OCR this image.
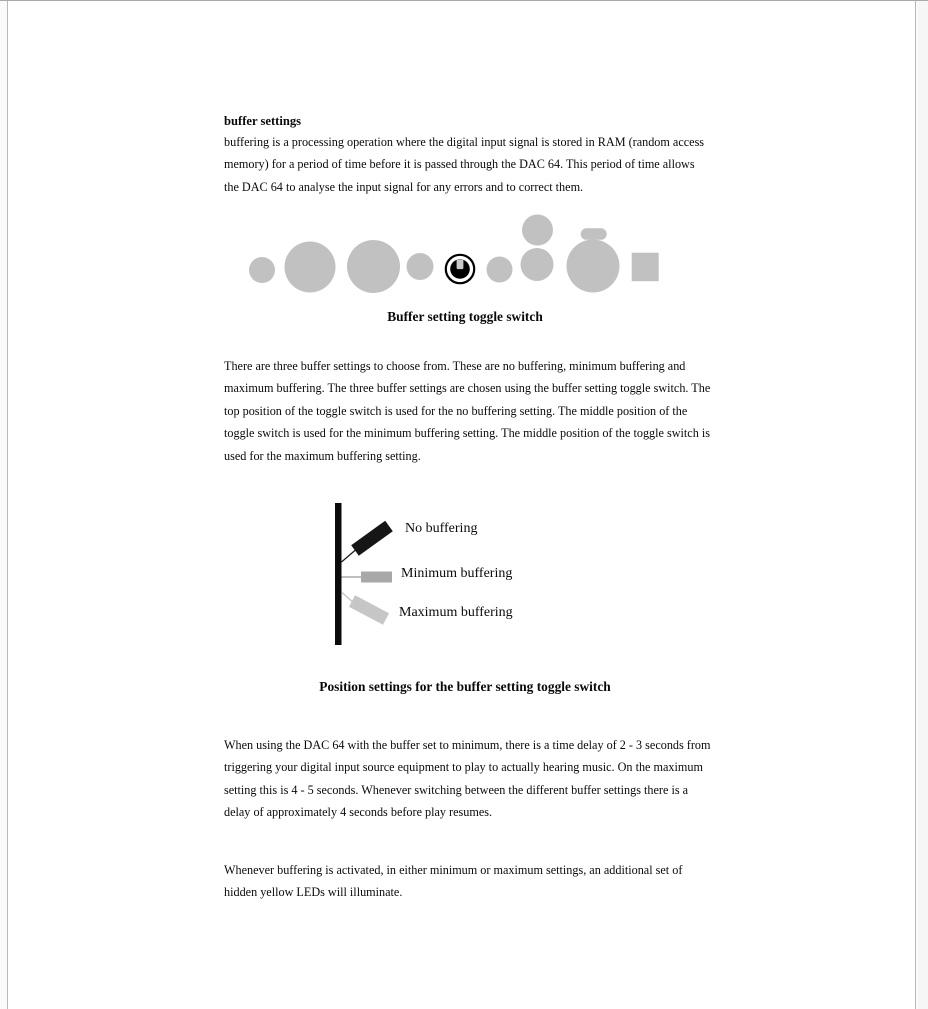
buffer settings

buffering is a processing operation where the digital input signal is stored in RAM (random access memory) for a period of time before it is passed through the DAC 64. This period of time allows the DAC 64 to analyse the input signal for any errors and to correct them.

Buffer setting toggle switch

There are three buffer settings to choose from. These are no buffering, minimum buffering and maximum buffering. The three buffer settings are chosen using the buffer setting toggle switch. The top position of the toggle switch is used for the no buffering setting. The middle position of the toggle switch is used for the minimum buffering setting. The middle position of the toggle switch is used for the maximum buffering setting.

No buffering
Minimum buffering
Maximum buffering
Position settings for the buffer setting toggle switch

When using the DAC 64 with the buffer set to minimum, there is a time delay of 2 - 3 seconds from triggering your digital input source equipment to play to actually hearing music. On the maximum setting this is 4 - 5 seconds. Whenever switching between the different buffer settings there is a delay of approximately 4 seconds before play resumes.

Whenever buffering is activated, in either minimum or maximum settings, an additional set of hidden yellow LEDs will illuminate.
